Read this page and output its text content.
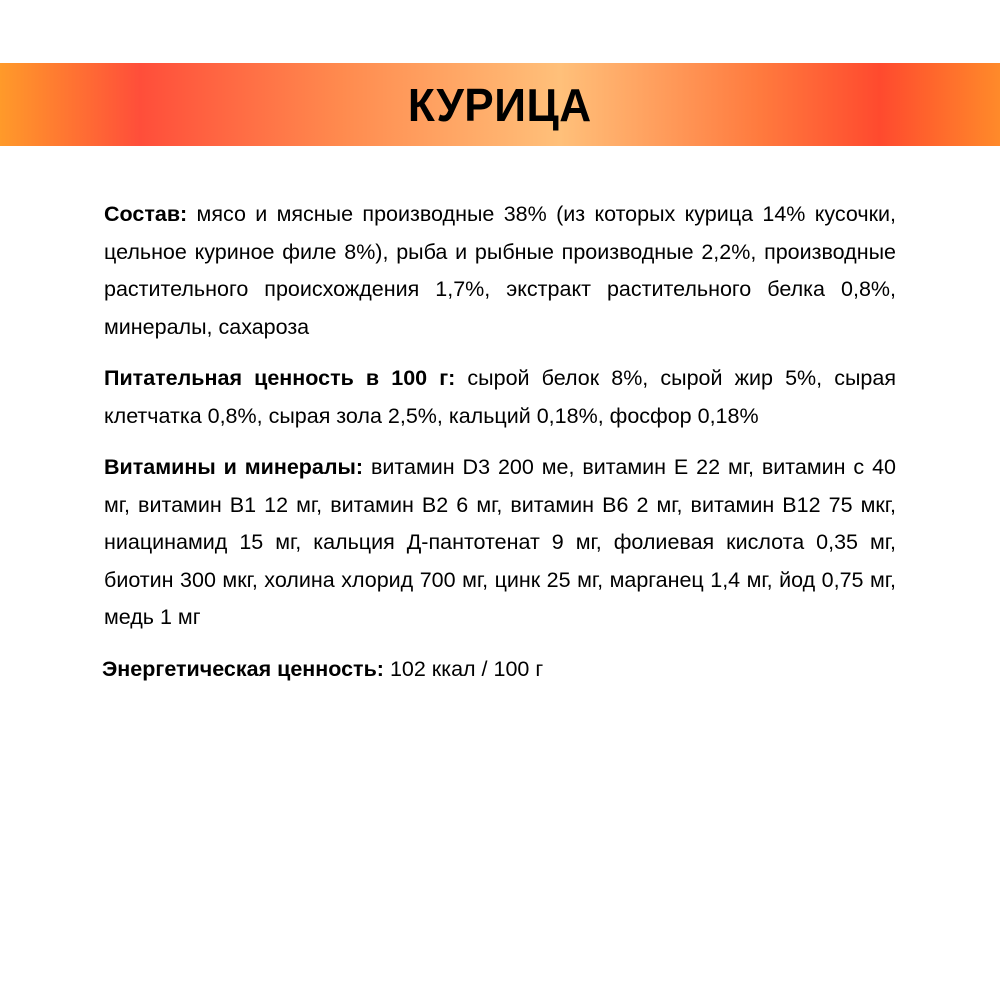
КУРИЦА

Состав: мясо и мясные производные 38% (из которых курица 14% кусочки, цельное куриное филе 8%), рыба и рыбные производные 2,2%, производные растительного происхождения 1,7%, экстракт растительного белка 0,8%, минералы, сахароза

Питательная ценность в 100 г: сырой белок 8%, сырой жир 5%, сырая клетчатка 0,8%, сырая зола 2,5%, кальций 0,18%, фосфор 0,18%

Витамины и минералы: витамин D3 200 ме, витамин E 22 мг, витамин с 40 мг, витамин B1 12 мг, витамин B2 6 мг, витамин B6 2 мг, витамин B12 75 мкг, ниацинамид 15 мг, кальция Д-пантотенат 9 мг, фолиевая кислота 0,35 мг, биотин 300 мкг, холина хлорид 700 мг, цинк 25 мг, марганец 1,4 мг, йод 0,75 мг, медь 1 мг

Энергетическая ценность: 102 ккал / 100 г
